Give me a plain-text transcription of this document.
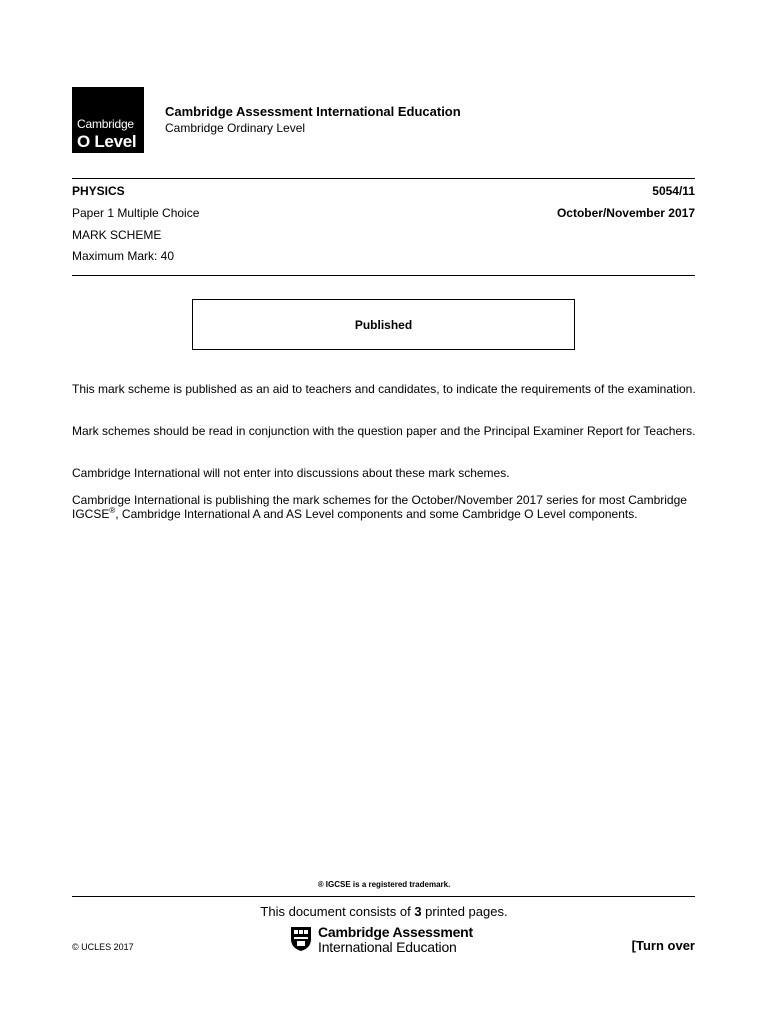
Cambridge
O Level
Cambridge Assessment International Education
Cambridge Ordinary Level
PHYSICS	5054/11
Paper 1 Multiple Choice	October/November 2017
MARK SCHEME
Maximum Mark: 40
Published
This mark scheme is published as an aid to teachers and candidates, to indicate the requirements of the examination.
Mark schemes should be read in conjunction with the question paper and the Principal Examiner Report for Teachers.
Cambridge International will not enter into discussions about these mark schemes.
Cambridge International is publishing the mark schemes for the October/November 2017 series for most Cambridge IGCSE®, Cambridge International A and AS Level components and some Cambridge O Level components.
® IGCSE is a registered trademark.
This document consists of 3 printed pages.
© UCLES 2017
Cambridge Assessment
International Education	[Turn over
